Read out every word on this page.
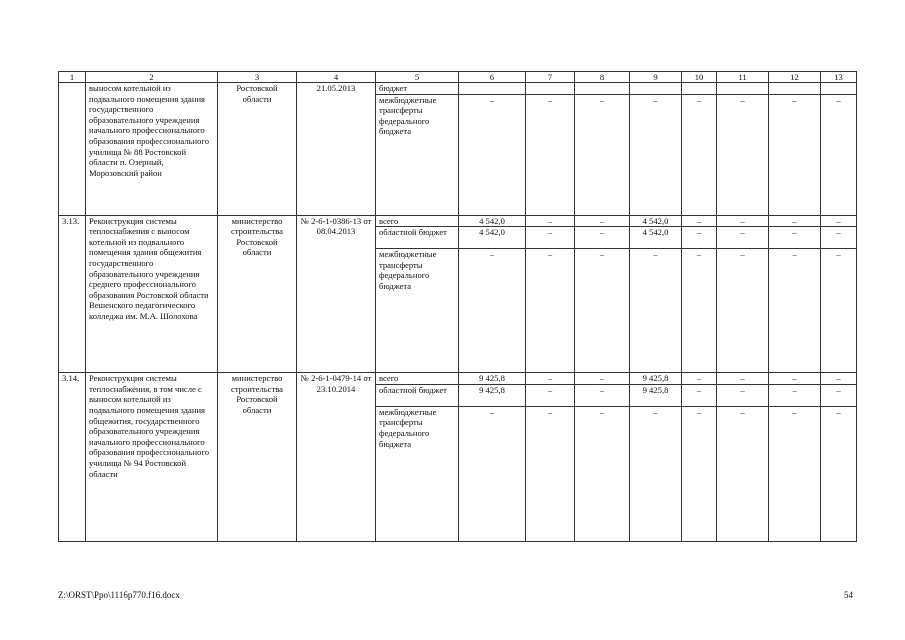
1	2	3	4	5	6	7	8	9	10	11	12	13
	выносом котельной из подвального помещения здания государственного образовательного учреждения начального профессионального образования профессионального училища № 88 Ростовской области п. Озерный, Морозовский район	Ростовской области	21.05.2013	бюджет								
				межбюджетные трансферты федерального бюджета	–	–	–	–	–	–	–	–
3.13.	Реконструкция системы теплоснабжения с выносом котельной из подвального помещения здания общежития государственного образовательного учреждения среднего профессионального образования Ростовской области Вешенского педагогического колледжа им. М.А. Шолохова	министерство строительства Ростовской области	№ 2-6-1-0386-13 от 08.04.2013	всего	4 542,0	–	–	4 542,0	–	–	–	–
				областной бюджет	4 542,0	–	–	4 542,0	–	–	–	–
				межбюджетные трансферты федерального бюджета	–	–	–	–	–	–	–	–
3.14.	Реконструкция системы теплоснабжения, в том числе с выносом котельной из подвального помещения здания общежития, государственного образовательного учреждения начального профессионального образования профессионального училища № 94 Ростовской области	министерство строительства Ростовской области	№ 2-6-1-0479-14 от 23.10.2014	всего	9 425,8	–	–	9 425,8	–	–	–	–
				областной бюджет	9 425,8	–	–	9 425,8	–	–	–	–
				межбюджетные трансферты федерального бюджета	–	–	–	–	–	–	–	–
Z:\ORST\Ppo\1116p770.f16.docx	54
